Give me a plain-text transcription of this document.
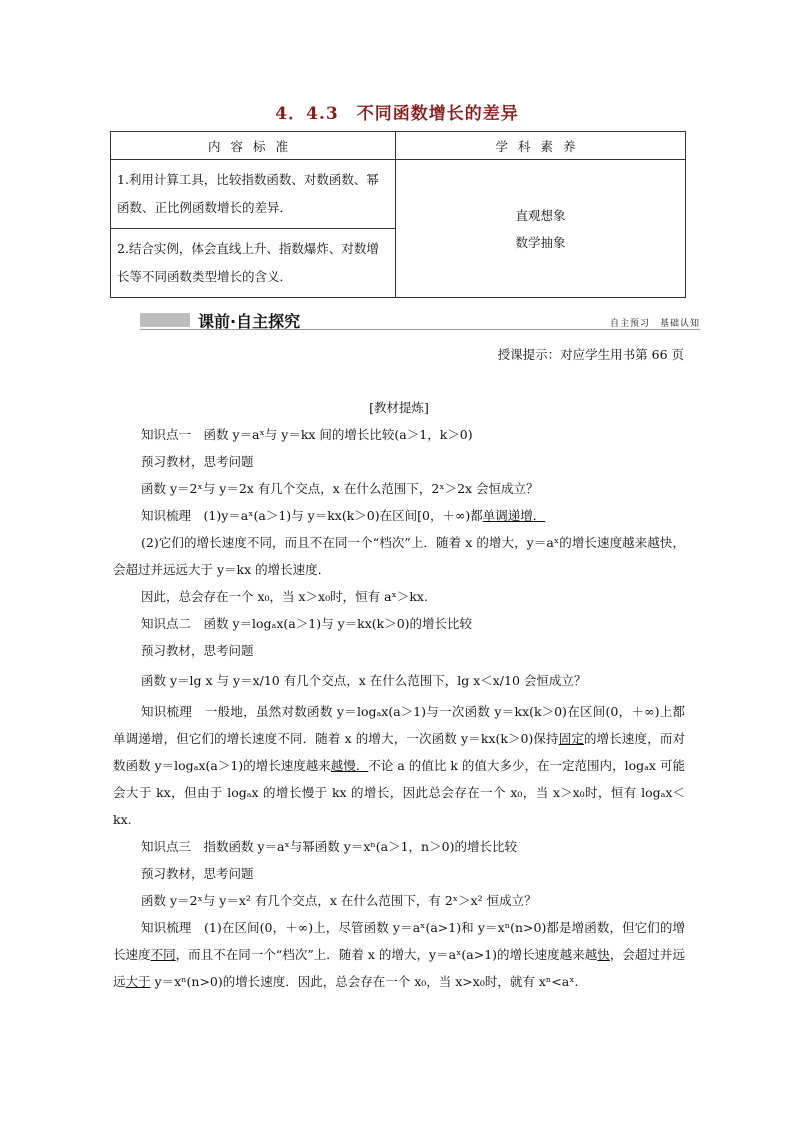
4．4.3　不同函数增长的差异
内容标准	学科素养
1.利用计算工具，比较指数函数、对数函数、幂函数、正比例函数增长的差异．	直观想象
数学抽象

2.结合实例，体会直线上升、指数爆炸、对数增长等不同函数类型增长的含义．	
课前·自主探究	自主预习　基础认知
授课提示：对应学生用书第 66 页

[教材提炼]

知识点一　函数 y＝aˣ与 y＝kx 间的增长比较(a＞1，k＞0)

预习教材，思考问题

函数 y＝2ˣ与 y＝2x 有几个交点，x 在什么范围下，2ˣ＞2x 会恒成立？

知识梳理　(1)y＝aˣ(a＞1)与 y＝kx(k＞0)在区间[0，＋∞)都单调递增．

(2)它们的增长速度不同，而且不在同一个“档次”上．随着 x 的增大，y＝aˣ的增长速度越来越快，会超过并远远大于 y＝kx 的增长速度．

因此，总会存在一个 x₀，当 x＞x₀时，恒有 aˣ＞kx.

知识点二　函数 y＝logₐx(a＞1)与 y＝kx(k＞0)的增长比较

预习教材，思考问题

函数 y＝lg x 与 y＝x/10 有几个交点，x 在什么范围下，lg x＜x/10 会恒成立？

知识梳理　一般地，虽然对数函数 y＝logₐx(a＞1)与一次函数 y＝kx(k＞0)在区间(0，＋∞)上都单调递增，但它们的增长速度不同．随着 x 的增大，一次函数 y＝kx(k＞0)保持固定的增长速度，而对数函数 y＝logₐx(a＞1)的增长速度越来越慢．不论 a 的值比 k 的值大多少，在一定范围内，logₐx 可能会大于 kx，但由于 logₐx 的增长慢于 kx 的增长，因此总会存在一个 x₀，当 x＞x₀时，恒有 logₐx＜kx.

知识点三　指数函数 y＝aˣ与幂函数 y＝xⁿ(a＞1，n＞0)的增长比较

预习教材，思考问题

函数 y＝2ˣ与 y＝x² 有几个交点，x 在什么范围下，有 2ˣ＞x² 恒成立？

知识梳理　(1)在区间(0，＋∞)上，尽管函数 y＝aˣ(a>1)和 y＝xⁿ(n>0)都是增函数，但它们的增长速度不同，而且不在同一个“档次”上．随着 x 的增大，y＝aˣ(a>1)的增长速度越来越快，会超过并远远大于 y＝xⁿ(n>0)的增长速度．因此，总会存在一个 x₀，当 x>x₀时，就有 xⁿ<aˣ.
